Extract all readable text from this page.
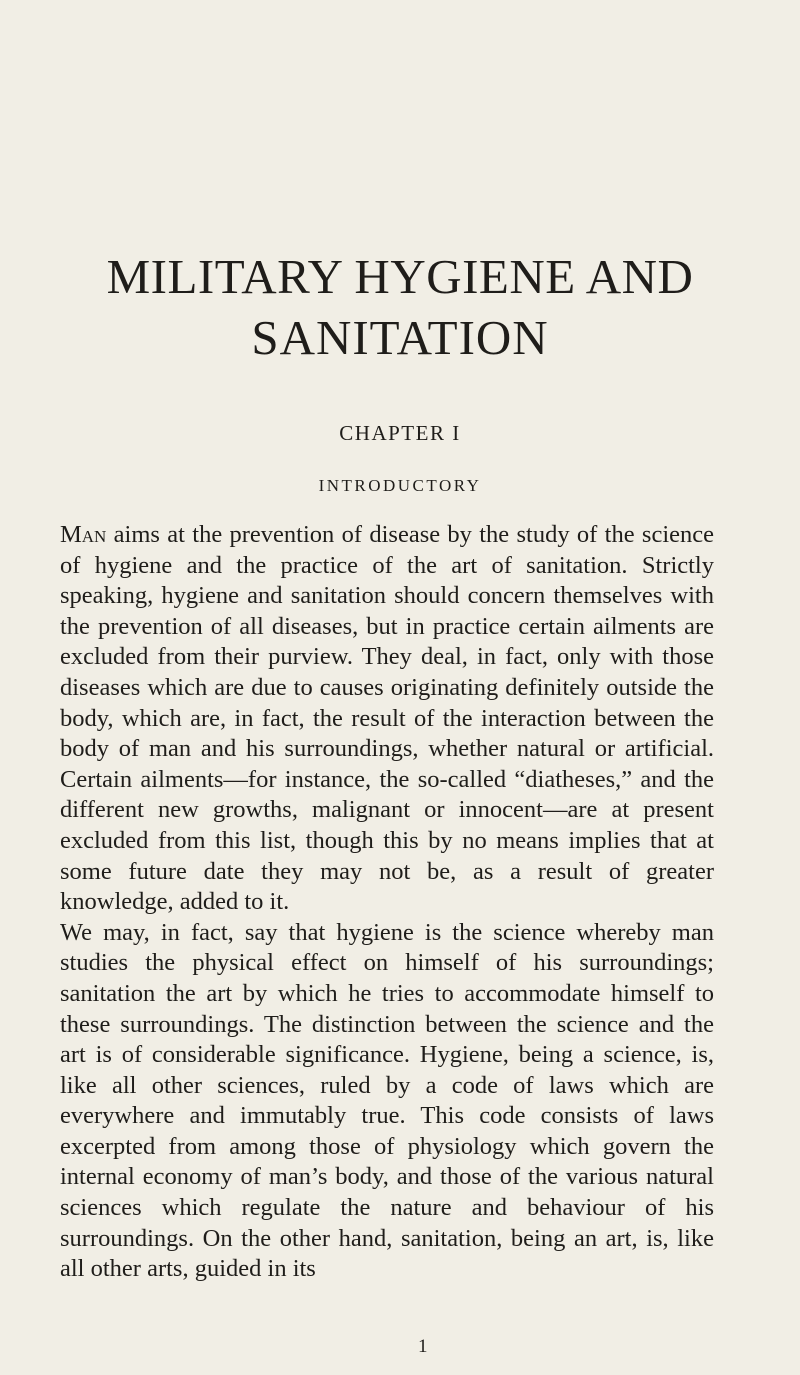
MILITARY HYGIENE AND
SANITATION
CHAPTER I
INTRODUCTORY

Man aims at the prevention of disease by the study of the science of hygiene and the practice of the art of sanitation. Strictly speaking, hygiene and sanitation should concern themselves with the prevention of all diseases, but in practice certain ailments are excluded from their purview. They deal, in fact, only with those diseases which are due to causes originating definitely outside the body, which are, in fact, the result of the interaction between the body of man and his surroundings, whether natural or artificial. Certain ailments—for instance, the so-called “diatheses,” and the different new growths, malignant or innocent—are at present excluded from this list, though this by no means implies that at some future date they may not be, as a result of greater knowledge, added to it.

We may, in fact, say that hygiene is the science whereby man studies the physical effect on himself of his surroundings; sanitation the art by which he tries to accommodate himself to these surroundings. The distinction between the science and the art is of considerable significance. Hygiene, being a science, is, like all other sciences, ruled by a code of laws which are everywhere and immutably true. This code consists of laws excerpted from among those of physiology which govern the internal economy of man’s body, and those of the various natural sciences which regulate the nature and behaviour of his surroundings. On the other hand, sanitation, being an art, is, like all other arts, guided in its

1
